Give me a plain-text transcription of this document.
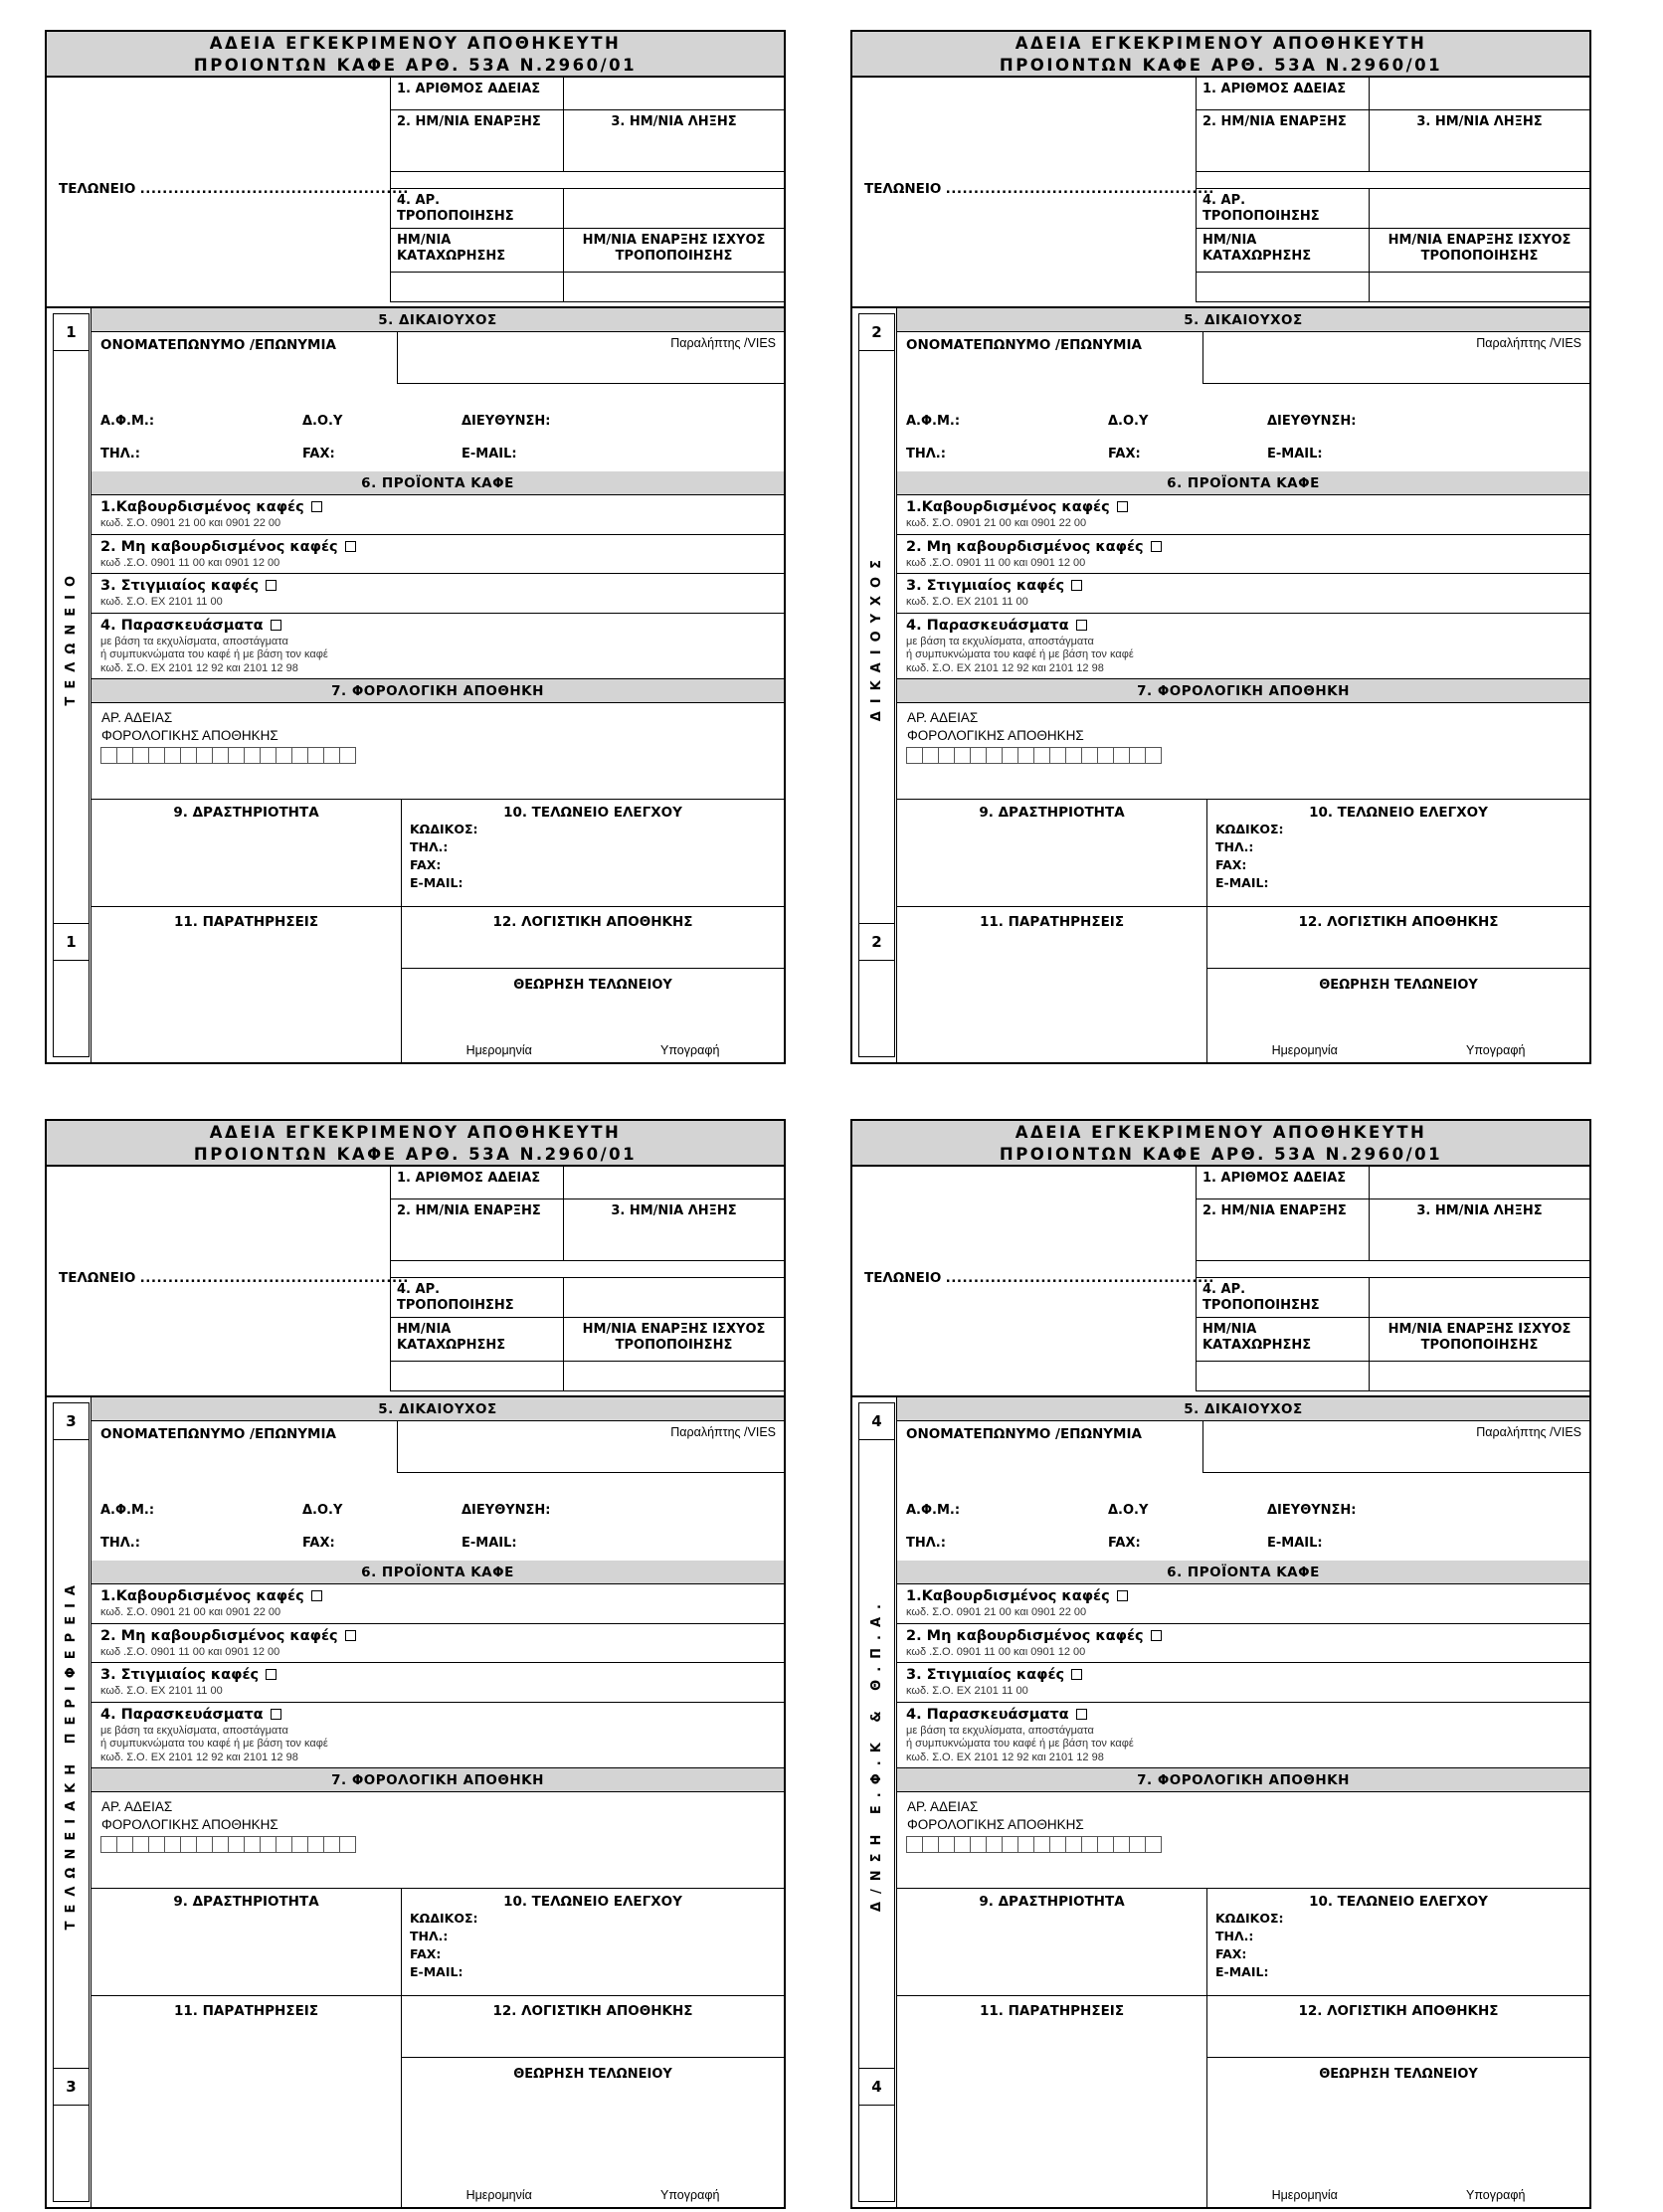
ΑΔΕΙΑ ΕΓΚΕΚΡΙΜΕΝΟΥ ΑΠΟΘΗΚΕΥΤΗ
ΠΡΟΙΟΝΤΩΝ ΚΑΦΕ ΑΡΘ. 53Α Ν.2960/01
ΤΕΛΩΝΕΙΟ ................................................
1. ΑΡΙΘΜΟΣ ΑΔΕΙΑΣ
2. ΗΜ/ΝΙΑ ΕΝΑΡΞΗΣ	3. ΗΜ/ΝΙΑ ΛΗΞΗΣ
4. ΑΡ.
ΤΡΟΠΟΠΟΙΗΣΗΣ
ΗΜ/ΝΙΑ
ΚΑΤΑΧΩΡΗΣΗΣ
ΗΜ/ΝΙΑ ΕΝΑΡΞΗΣ ΙΣΧΥΟΣ
ΤΡΟΠΟΠΟΙΗΣΗΣ
1
ΤΕΛΩΝΕΙΟ
1
5. ΔΙΚΑΙΟΥΧΟΣ
ΟΝΟΜΑΤΕΠΩΝΥΜΟ /ΕΠΩΝΥΜΙΑ	Παραλήπτης /VIES
Α.Φ.Μ.:	Δ.Ο.Υ	ΔΙΕΥΘΥΝΣΗ:
ΤΗΛ.:	FAX:	E-MAIL:
6. ΠΡΟΪΟΝΤΑ ΚΑΦΕ
1.Καβουρδισμένος καφές
κωδ. Σ.Ο. 0901 21 00 και 0901 22 00
2. Μη καβουρδισμένος καφές
κωδ .Σ.Ο. 0901 11 00 και 0901 12 00
3. Στιγμιαίος καφές
κωδ. Σ.Ο. ΕΧ 2101 11 00
4. Παρασκευάσματα
με βάση τα εκχυλίσματα, αποστάγματα
ή συμπυκνώματα του καφέ ή με βάση τον καφέ
κωδ. Σ.Ο. ΕΧ 2101 12 92 και 2101 12 98
7. ΦΟΡΟΛΟΓΙΚΗ ΑΠΟΘΗΚΗ
ΑΡ. ΑΔΕΙΑΣ
ΦΟΡΟΛΟΓΙΚΗΣ ΑΠΟΘΗΚΗΣ
9. ΔΡΑΣΤΗΡΙΟΤΗΤΑ	10. ΤΕΛΩΝΕΙΟ ΕΛΕΓΧΟΥ
ΚΩΔΙΚΟΣ:
ΤΗΛ.:
FAX:
E-MAIL:
11. ΠΑΡΑΤΗΡΗΣΕΙΣ	12. ΛΟΓΙΣΤΙΚΗ ΑΠΟΘΗΚΗΣ
ΘΕΩΡΗΣΗ ΤΕΛΩΝΕΙΟΥ
Ημερομηνία	Υπογραφή
ΑΔΕΙΑ ΕΓΚΕΚΡΙΜΕΝΟΥ ΑΠΟΘΗΚΕΥΤΗ
ΠΡΟΙΟΝΤΩΝ ΚΑΦΕ ΑΡΘ. 53Α Ν.2960/01
ΤΕΛΩΝΕΙΟ ................................................
1. ΑΡΙΘΜΟΣ ΑΔΕΙΑΣ
2. ΗΜ/ΝΙΑ ΕΝΑΡΞΗΣ	3. ΗΜ/ΝΙΑ ΛΗΞΗΣ
4. ΑΡ.
ΤΡΟΠΟΠΟΙΗΣΗΣ
ΗΜ/ΝΙΑ
ΚΑΤΑΧΩΡΗΣΗΣ
ΗΜ/ΝΙΑ ΕΝΑΡΞΗΣ ΙΣΧΥΟΣ
ΤΡΟΠΟΠΟΙΗΣΗΣ
2
ΔΙΚΑΙΟΥΧΟΣ
2
5. ΔΙΚΑΙΟΥΧΟΣ
ΟΝΟΜΑΤΕΠΩΝΥΜΟ /ΕΠΩΝΥΜΙΑ	Παραλήπτης /VIES
Α.Φ.Μ.:	Δ.Ο.Υ	ΔΙΕΥΘΥΝΣΗ:
ΤΗΛ.:	FAX:	E-MAIL:
6. ΠΡΟΪΟΝΤΑ ΚΑΦΕ
1.Καβουρδισμένος καφές
κωδ. Σ.Ο. 0901 21 00 και 0901 22 00
2. Μη καβουρδισμένος καφές
κωδ .Σ.Ο. 0901 11 00 και 0901 12 00
3. Στιγμιαίος καφές
κωδ. Σ.Ο. ΕΧ 2101 11 00
4. Παρασκευάσματα
με βάση τα εκχυλίσματα, αποστάγματα
ή συμπυκνώματα του καφέ ή με βάση τον καφέ
κωδ. Σ.Ο. ΕΧ 2101 12 92 και 2101 12 98
7. ΦΟΡΟΛΟΓΙΚΗ ΑΠΟΘΗΚΗ
ΑΡ. ΑΔΕΙΑΣ
ΦΟΡΟΛΟΓΙΚΗΣ ΑΠΟΘΗΚΗΣ
9. ΔΡΑΣΤΗΡΙΟΤΗΤΑ	10. ΤΕΛΩΝΕΙΟ ΕΛΕΓΧΟΥ
ΚΩΔΙΚΟΣ:
ΤΗΛ.:
FAX:
E-MAIL:
11. ΠΑΡΑΤΗΡΗΣΕΙΣ	12. ΛΟΓΙΣΤΙΚΗ ΑΠΟΘΗΚΗΣ
ΘΕΩΡΗΣΗ ΤΕΛΩΝΕΙΟΥ
Ημερομηνία	Υπογραφή
ΑΔΕΙΑ ΕΓΚΕΚΡΙΜΕΝΟΥ ΑΠΟΘΗΚΕΥΤΗ
ΠΡΟΙΟΝΤΩΝ ΚΑΦΕ ΑΡΘ. 53Α Ν.2960/01
ΤΕΛΩΝΕΙΟ ................................................
1. ΑΡΙΘΜΟΣ ΑΔΕΙΑΣ
2. ΗΜ/ΝΙΑ ΕΝΑΡΞΗΣ	3. ΗΜ/ΝΙΑ ΛΗΞΗΣ
4. ΑΡ.
ΤΡΟΠΟΠΟΙΗΣΗΣ
ΗΜ/ΝΙΑ
ΚΑΤΑΧΩΡΗΣΗΣ
ΗΜ/ΝΙΑ ΕΝΑΡΞΗΣ ΙΣΧΥΟΣ
ΤΡΟΠΟΠΟΙΗΣΗΣ
3
ΤΕΛΩΝΕΙΑΚΗ ΠΕΡΙΦΕΡΕΙΑ
3
5. ΔΙΚΑΙΟΥΧΟΣ
ΟΝΟΜΑΤΕΠΩΝΥΜΟ /ΕΠΩΝΥΜΙΑ	Παραλήπτης /VIES
Α.Φ.Μ.:	Δ.Ο.Υ	ΔΙΕΥΘΥΝΣΗ:
ΤΗΛ.:	FAX:	E-MAIL:
6. ΠΡΟΪΟΝΤΑ ΚΑΦΕ
1.Καβουρδισμένος καφές
κωδ. Σ.Ο. 0901 21 00 και 0901 22 00
2. Μη καβουρδισμένος καφές
κωδ .Σ.Ο. 0901 11 00 και 0901 12 00
3. Στιγμιαίος καφές
κωδ. Σ.Ο. ΕΧ 2101 11 00
4. Παρασκευάσματα
με βάση τα εκχυλίσματα, αποστάγματα
ή συμπυκνώματα του καφέ ή με βάση τον καφέ
κωδ. Σ.Ο. ΕΧ 2101 12 92 και 2101 12 98
7. ΦΟΡΟΛΟΓΙΚΗ ΑΠΟΘΗΚΗ
ΑΡ. ΑΔΕΙΑΣ
ΦΟΡΟΛΟΓΙΚΗΣ ΑΠΟΘΗΚΗΣ
9. ΔΡΑΣΤΗΡΙΟΤΗΤΑ	10. ΤΕΛΩΝΕΙΟ ΕΛΕΓΧΟΥ
ΚΩΔΙΚΟΣ:
ΤΗΛ.:
FAX:
E-MAIL:
11. ΠΑΡΑΤΗΡΗΣΕΙΣ	12. ΛΟΓΙΣΤΙΚΗ ΑΠΟΘΗΚΗΣ
ΘΕΩΡΗΣΗ ΤΕΛΩΝΕΙΟΥ
Ημερομηνία	Υπογραφή
ΑΔΕΙΑ ΕΓΚΕΚΡΙΜΕΝΟΥ ΑΠΟΘΗΚΕΥΤΗ
ΠΡΟΙΟΝΤΩΝ ΚΑΦΕ ΑΡΘ. 53Α Ν.2960/01
ΤΕΛΩΝΕΙΟ ................................................
1. ΑΡΙΘΜΟΣ ΑΔΕΙΑΣ
2. ΗΜ/ΝΙΑ ΕΝΑΡΞΗΣ	3. ΗΜ/ΝΙΑ ΛΗΞΗΣ
4. ΑΡ.
ΤΡΟΠΟΠΟΙΗΣΗΣ
ΗΜ/ΝΙΑ
ΚΑΤΑΧΩΡΗΣΗΣ
ΗΜ/ΝΙΑ ΕΝΑΡΞΗΣ ΙΣΧΥΟΣ
ΤΡΟΠΟΠΟΙΗΣΗΣ
4
Δ/ΝΣΗ Ε.Φ.Κ & Θ.Π.Α.
4
5. ΔΙΚΑΙΟΥΧΟΣ
ΟΝΟΜΑΤΕΠΩΝΥΜΟ /ΕΠΩΝΥΜΙΑ	Παραλήπτης /VIES
Α.Φ.Μ.:	Δ.Ο.Υ	ΔΙΕΥΘΥΝΣΗ:
ΤΗΛ.:	FAX:	E-MAIL:
6. ΠΡΟΪΟΝΤΑ ΚΑΦΕ
1.Καβουρδισμένος καφές
κωδ. Σ.Ο. 0901 21 00 και 0901 22 00
2. Μη καβουρδισμένος καφές
κωδ .Σ.Ο. 0901 11 00 και 0901 12 00
3. Στιγμιαίος καφές
κωδ. Σ.Ο. ΕΧ 2101 11 00
4. Παρασκευάσματα
με βάση τα εκχυλίσματα, αποστάγματα
ή συμπυκνώματα του καφέ ή με βάση τον καφέ
κωδ. Σ.Ο. ΕΧ 2101 12 92 και 2101 12 98
7. ΦΟΡΟΛΟΓΙΚΗ ΑΠΟΘΗΚΗ
ΑΡ. ΑΔΕΙΑΣ
ΦΟΡΟΛΟΓΙΚΗΣ ΑΠΟΘΗΚΗΣ
9. ΔΡΑΣΤΗΡΙΟΤΗΤΑ	10. ΤΕΛΩΝΕΙΟ ΕΛΕΓΧΟΥ
ΚΩΔΙΚΟΣ:
ΤΗΛ.:
FAX:
E-MAIL:
11. ΠΑΡΑΤΗΡΗΣΕΙΣ	12. ΛΟΓΙΣΤΙΚΗ ΑΠΟΘΗΚΗΣ
ΘΕΩΡΗΣΗ ΤΕΛΩΝΕΙΟΥ
Ημερομηνία	Υπογραφή
